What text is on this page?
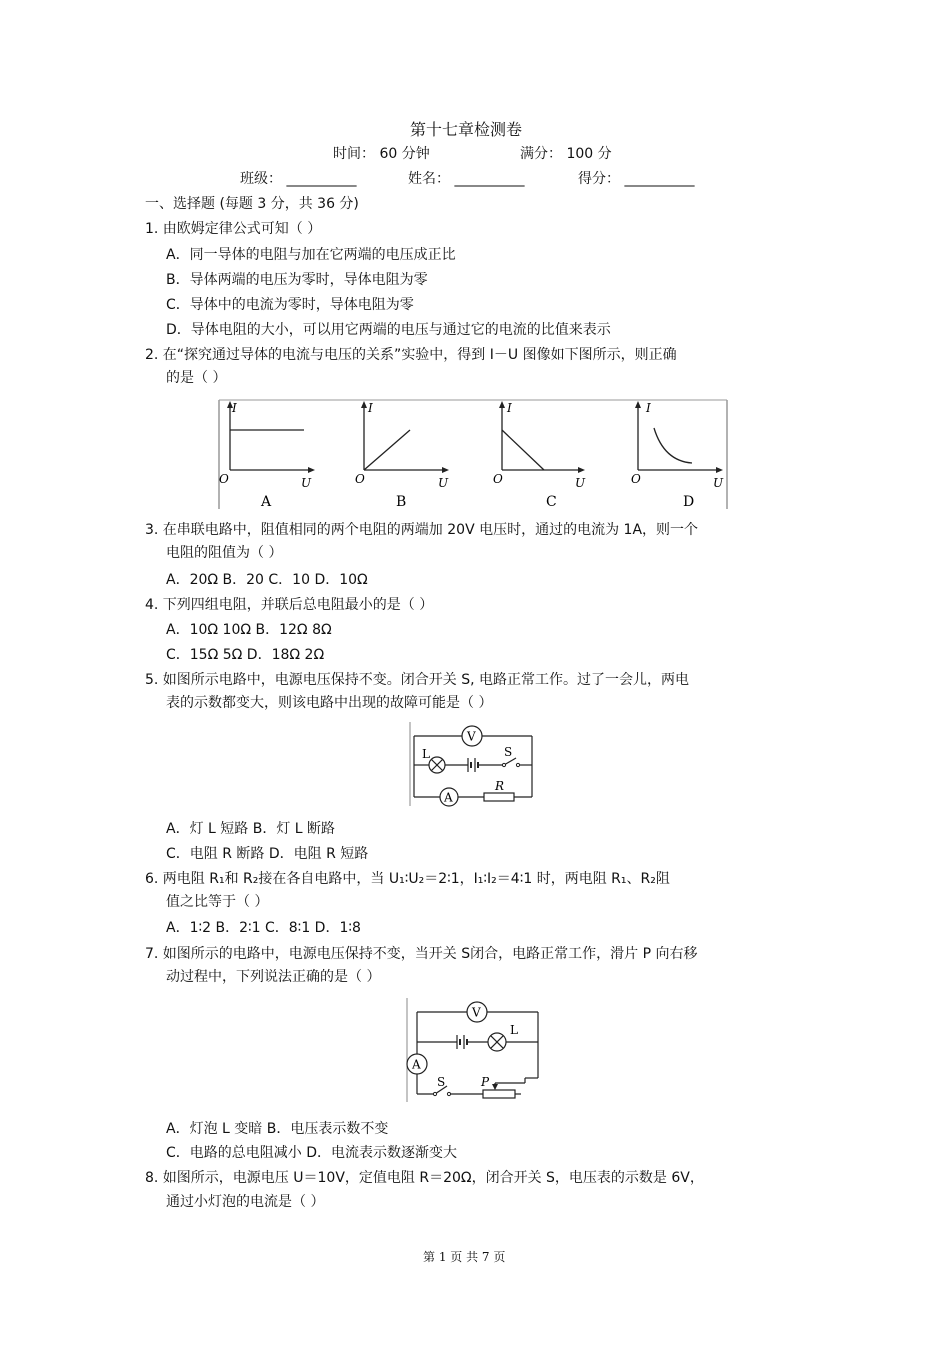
第十七章检测卷
时间： 60 分钟	满分： 100 分
班级： __________	姓名： __________	得分： __________
一、选择题 (每题 3 分，共 36 分)
1. 由欧姆定律公式可知（ ）
A．同一导体的电阻与加在它两端的电压成正比
B．导体两端的电压为零时，导体电阻为零
C．导体中的电流为零时，导体电阻为零
D．导体电阻的大小，可以用它两端的电压与通过它的电流的比值来表示
2. 在“探究通过导体的电流与电压的关系”实验中，得到 I－U 图像如下图所示，则正确
的是（ ）
I
O	U
A
I
O	U
B
I
O	U
C
I
O	U
D
3. 在串联电路中，阻值相同的两个电阻的两端加 20V 电压时，通过的电流为 1A，则一个
电阻的阻值为（ ）
A．20Ω B．20 C．10 D．10Ω
4. 下列四组电阻，并联后总电阻最小的是（ ）
A．10Ω 10Ω B．12Ω 8Ω
C．15Ω 5Ω D．18Ω 2Ω
5. 如图所示电路中，电源电压保持不变。闭合开关 S, 电路正常工作。过了一会儿，两电
表的示数都变大，则该电路中出现的故障可能是（ ）
L	S
V
A
R
A．灯 L 短路 B．灯 L 断路
C．电阻 R 断路 D．电阻 R 短路
6. 两电阻 R₁和 R₂接在各自电路中，当 U₁∶U₂＝2∶1，I₁∶I₂＝4∶1 时，两电阻 R₁、R₂阻
值之比等于（ ）
A．1∶2 B．2∶1 C．8∶1 D．1∶8
7. 如图所示的电路中，电源电压保持不变，当开关 S闭合，电路正常工作，滑片 P 向右移
动过程中，下列说法正确的是（ ）
L
V
A
S	P
A．灯泡 L 变暗 B．电压表示数不变
C．电路的总电阻减小 D．电流表示数逐渐变大
8. 如图所示，电源电压 U＝10V，定值电阻 R＝20Ω，闭合开关 S，电压表的示数是 6V，
通过小灯泡的电流是（ ）
第 1 页 共 7 页
